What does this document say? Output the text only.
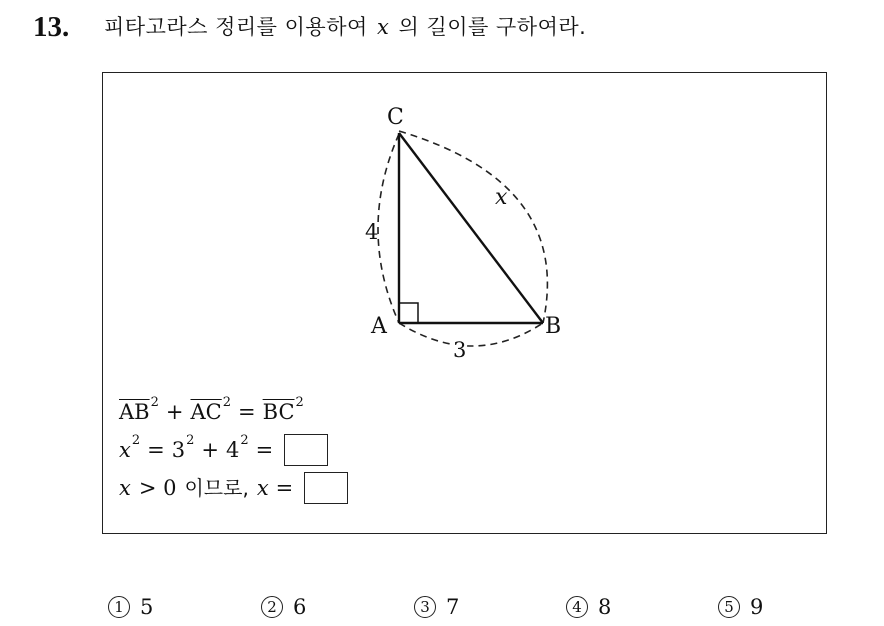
13. 피타고라스 정리를 이용하여 x 의 길이를 구하여라.
C
A	B
4
3
x
$\overline{AB}$ $2 + \overline{AC}$ $2 = \overline{BC}$ 2
x 2 = 3 2 + 4 2 =
x > 0 이므로, x =
1 5	2 6	3 7	4 8	5 9
